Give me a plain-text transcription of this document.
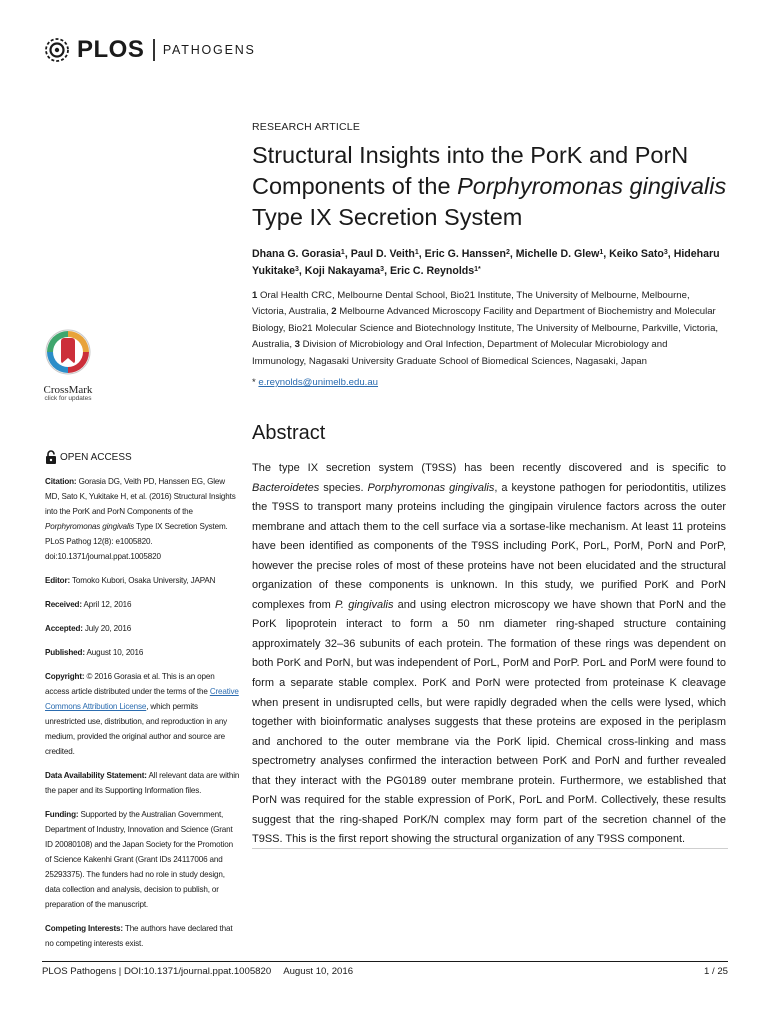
PLOS PATHOGENS
RESEARCH ARTICLE
Structural Insights into the PorK and PorN Components of the Porphyromonas gingivalis Type IX Secretion System
Dhana G. Gorasia$^1$, Paul D. Veith$^1$, Eric G. Hanssen$^2$, Michelle D. Glew$^1$, Keiko Sato$^3$, Hideharu Yukitake$^3$, Koji Nakayama$^3$, Eric C. Reynolds$^{1*}$
1 Oral Health CRC, Melbourne Dental School, Bio21 Institute, The University of Melbourne, Melbourne, Victoria, Australia, 2 Melbourne Advanced Microscopy Facility and Department of Biochemistry and Molecular Biology, Bio21 Molecular Science and Biotechnology Institute, The University of Melbourne, Parkville, Victoria, Australia, 3 Division of Microbiology and Oral Infection, Department of Molecular Microbiology and Immunology, Nagasaki University Graduate School of Biomedical Sciences, Nagasaki, Japan
* e.reynolds@unimelb.edu.au
CrossMark
click for updates
Abstract
The type IX secretion system (T9SS) has been recently discovered and is specific to Bacteroidetes species. Porphyromonas gingivalis, a keystone pathogen for periodontitis, utilizes the T9SS to transport many proteins including the gingipain virulence factors across the outer membrane and attach them to the cell surface via a sortase-like mechanism. At least 11 proteins have been identified as components of the T9SS including PorK, PorL, PorM, PorN and PorP, however the precise roles of most of these proteins have not been elucidated and the structural organization of these components is unknown. In this study, we purified PorK and PorN complexes from P. gingivalis and using electron microscopy we have shown that PorN and the PorK lipoprotein interact to form a 50 nm diameter ring-shaped structure containing approximately 32–36 subunits of each protein. The formation of these rings was dependent on both PorK and PorN, but was independent of PorL, PorM and PorP. PorL and PorM were found to form a separate stable complex. PorK and PorN were protected from proteinase K cleavage when present in undisrupted cells, but were rapidly degraded when the cells were lysed, which together with bioinformatic analyses suggests that these proteins are exposed in the periplasm and anchored to the outer membrane via the PorK lipid. Chemical cross-linking and mass spectrometry analyses confirmed the interaction between PorK and PorN and further revealed that they interact with the PG0189 outer membrane protein. Furthermore, we established that PorN was required for the stable expression of PorK, PorL and PorM. Collectively, these results suggest that the ring-shaped PorK/N complex may form part of the secretion channel of the T9SS. This is the first report showing the structural organization of any T9SS component.
OPEN ACCESS
Citation: Gorasia DG, Veith PD, Hanssen EG, Glew MD, Sato K, Yukitake H, et al. (2016) Structural Insights into the PorK and PorN Components of the Porphyromonas gingivalis Type IX Secretion System. PLoS Pathog 12(8): e1005820. doi:10.1371/journal.ppat.1005820
Editor: Tomoko Kubori, Osaka University, JAPAN
Received: April 12, 2016
Accepted: July 20, 2016
Published: August 10, 2016
Copyright: © 2016 Gorasia et al. This is an open access article distributed under the terms of the Creative Commons Attribution License, which permits unrestricted use, distribution, and reproduction in any medium, provided the original author and source are credited.
Data Availability Statement: All relevant data are within the paper and its Supporting Information files.
Funding: Supported by the Australian Government, Department of Industry, Innovation and Science (Grant ID 20080108) and the Japan Society for the Promotion of Science Kakenhi Grant (Grant IDs 24117006 and 25293375). The funders had no role in study design, data collection and analysis, decision to publish, or preparation of the manuscript.
Competing Interests: The authors have declared that no competing interests exist.
PLOS Pathogens | DOI:10.1371/journal.ppat.1005820 August 10, 2016	1 / 25
